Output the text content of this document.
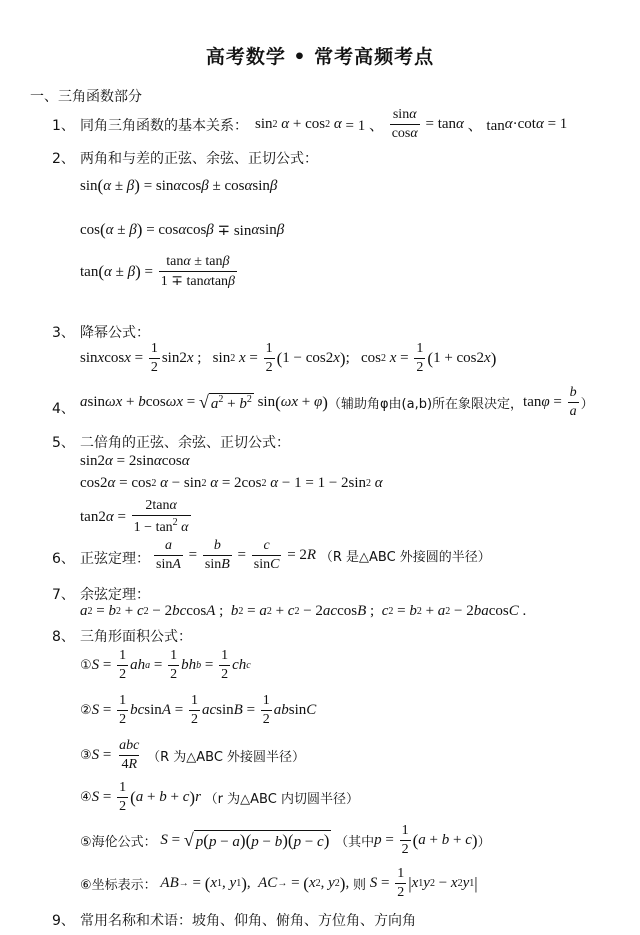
高考数学 • 常考高频考点
一、三角函数部分
1、 同角三角函数的基本关系： sin 2 α + cos 2 α = 1 、 $\frac{\sin\alpha}{\cos\alpha} = \tan \alpha$ 、 tan α ·cot α = 1
2、 两角和与差的正弦、余弦、正切公式：
sin ( α ± β ) = sin α cos β ± cos α sin β
cos ( α ± β ) = cos α cos β ∓ sin α sin β
tan ( α ± β ) = $\frac{\tan\alpha \pm \tan\beta}{1 \mp \tan\alpha\tan\beta}$
3、 降幂公式：
sin x $\cos x = \frac{1}{2} \sin 2$ x ;   sin 2 $x = \frac{1}{2}$ ( 1 − cos2 x ) ;   cos 2 $x = \frac{1}{2}$ ( 1 + cos2 x )
4、 a sin ωx + b cos ωx = √ $a^2 + b^2$ sin ( ωx + φ ) （辅助角φ由(a,b)所在象限决定， $\tan \varphi = \frac{b}{a}$ ）
5、 二倍角的正弦、余弦、正切公式：
sin2 α = 2sin α cos α
cos2 α = cos 2 α − sin 2 α = 2cos 2 α − 1 = 1 − 2sin 2 α
tan2 $\alpha = \frac{2\tan\alpha}{1 - \tan^2 \alpha}$
6、 正弦定理： $\frac{a}{\sin A} = \frac{b}{\sin B} = \frac{c}{\sin C} = 2$ R
（R 是△ABC 外接圆的半径）
7、 余弦定理：
a 2 = b 2 + c 2 − 2 bc cos A ; b 2 = a 2 + c 2 − 2 ac cos B ; c 2 = b 2 + a 2 − 2 ba cos C .
8、 三角形面积公式：
① $S = \frac{1}{2}$ ah $a = \frac{1}{2}$ bh $b = \frac{1}{2}$ ch c
② $S = \frac{1}{2}$ bc $\sin A = \frac{1}{2}$ ac $\sin B = \frac{1}{2}$ ab sin C
③ $S = \frac{\text{abc}}{4R}$
（R 为△ABC 外接圆半径）
④ $S = \frac{1}{2}$ ( a + b + c ) r
（r 为△ABC 内切圆半径）
⑤海伦公式：
S = √ p(p − a)(p − b)(p − c)
（其中 $p = \frac{1}{2}$ ( a + b + c ) ）
⑥坐标表示：
AB → = ( x 1 , y 1 ) , AC → = ( x 2 , y 2 ) , 则
$S = \frac{1}{2}$ | x 1 y 2 − x 2 y 1 |
9、 常用名称和术语：坡角、仰角、俯角、方位角、方向角
